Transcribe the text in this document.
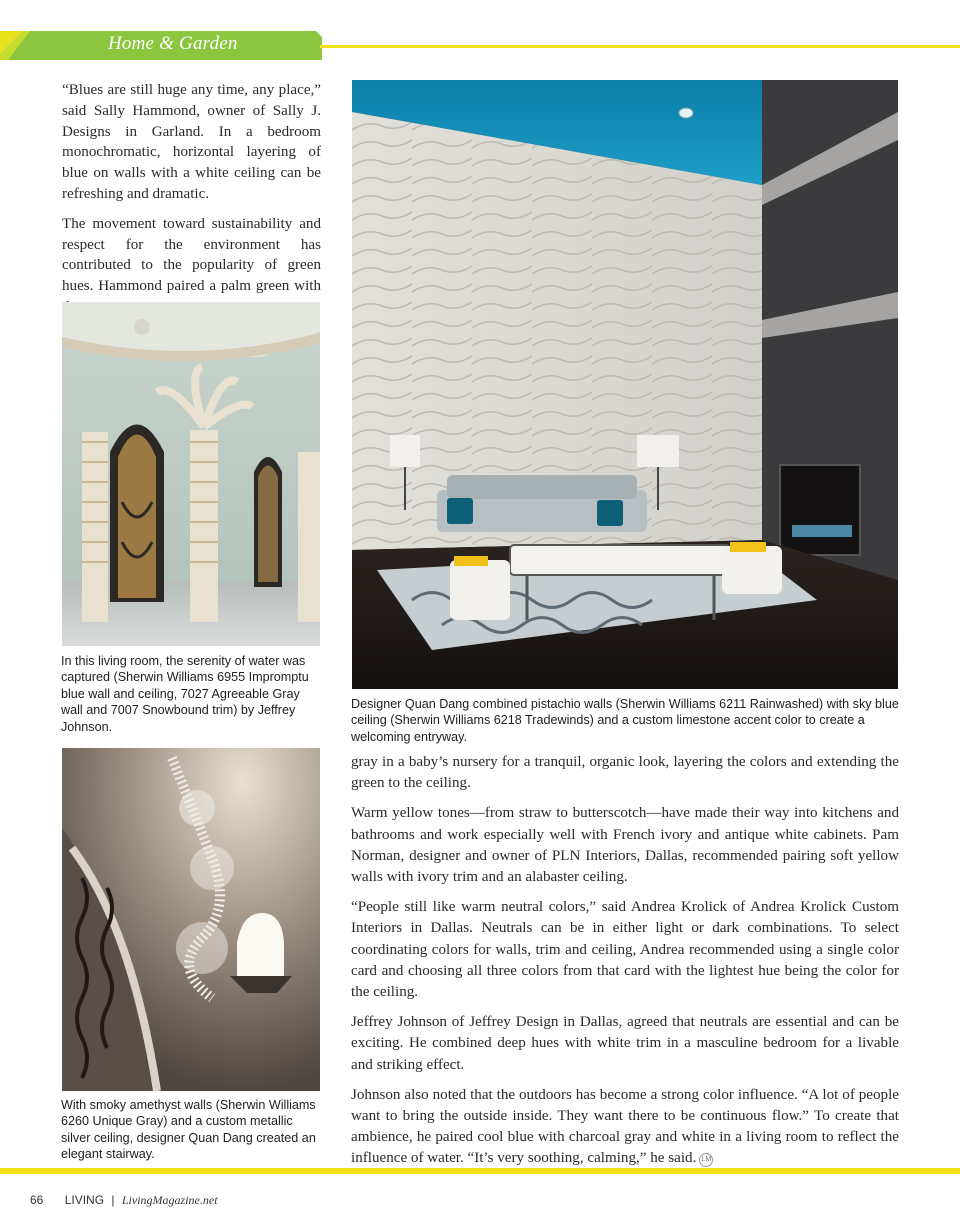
Home & Garden

“Blues are still huge any time, any place,” said Sally Hammond, owner of Sally J. Designs in Garland. In a bedroom monochromatic, horizontal layering of blue on walls with a white ceiling can be refreshing and dramatic.

The movement toward sustainability and respect for the environment has contributed to the popularity of green hues. Hammond paired a palm green with

In this living room, the serenity of water was captured (Sherwin Williams 6955 Impromptu blue wall and ceiling, 7027 Agreeable Gray wall and 7007 Snowbound trim) by Jeffrey Johnson.
With smoky amethyst walls (Sherwin Williams 6260 Unique Gray) and a custom metallic silver ceiling, designer Quan Dang created an elegant stairway.
Designer Quan Dang combined pistachio walls (Sherwin Williams 6211 Rainwashed) with sky blue ceiling (Sherwin Williams 6218 Tradewinds) and a custom limestone accent color to create a welcoming entryway.

gray in a baby’s nursery for a tranquil, organic look, layering the colors and extending the green to the ceiling.

Warm yellow tones—from straw to butterscotch—have made their way into kitchens and bathrooms and work especially well with French ivory and antique white cabinets. Pam Norman, designer and owner of PLN Interiors, Dallas, recommended pairing soft yellow walls with ivory trim and an alabaster ceiling.

“People still like warm neutral colors,” said Andrea Krolick of Andrea Krolick Custom Interiors in Dallas. Neutrals can be in either light or dark combinations. To select coordinating colors for walls, trim and ceiling, Andrea recommended using a single color card and choosing all three colors from that card with the lightest hue being the color for the ceiling.

Jeffrey Johnson of Jeffrey Design in Dallas, agreed that neutrals are essential and can be exciting. He combined deep hues with white trim in a masculine bedroom for a livable and striking effect.

Johnson also noted that the outdoors has become a strong color influence. “A lot of people want to bring the outside inside. They want there to be continuous flow.” To create that ambience, he paired cool blue with charcoal gray and white in a living room to reflect the influence of water. “It’s very soothing, calming,” he said. LM

66 LIVING | LivingMagazine.net
